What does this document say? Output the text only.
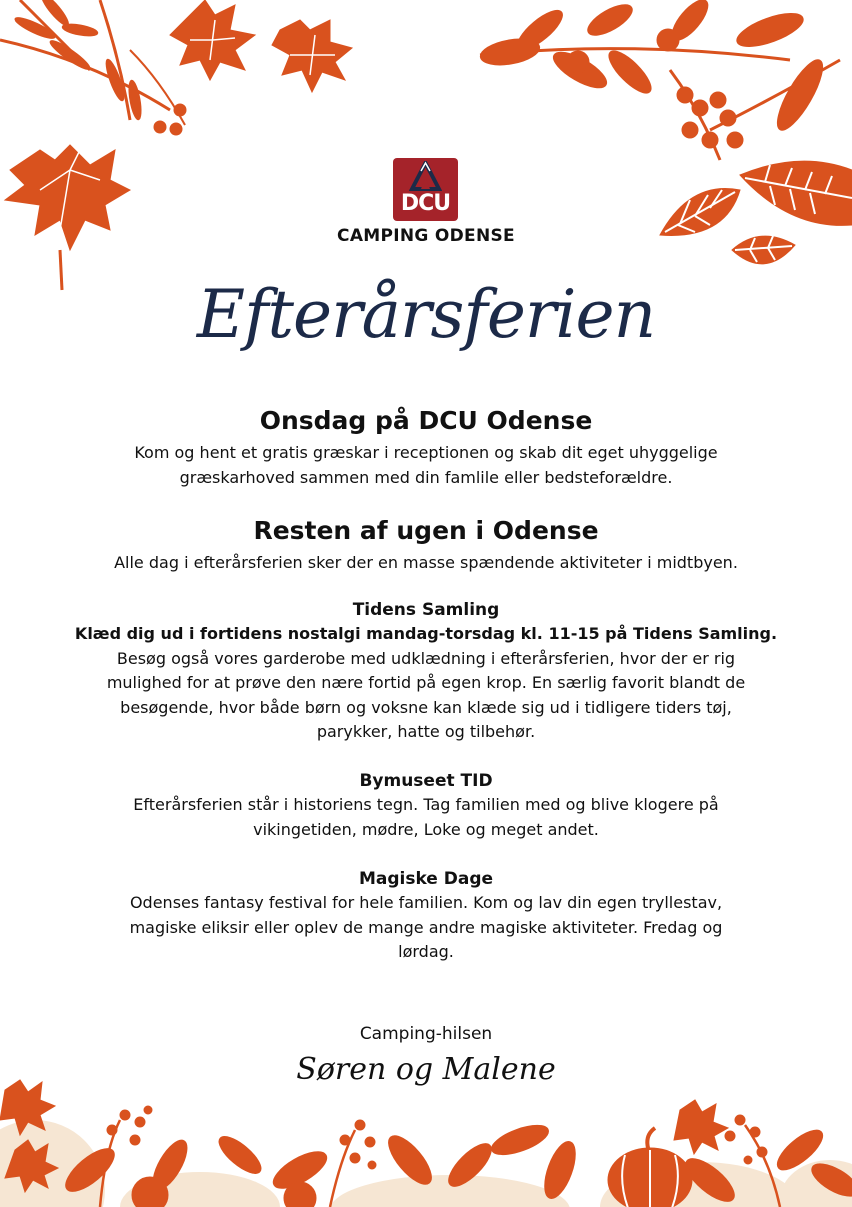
DCU
CAMPING ODENSE
Efterårsferien
Onsdag på DCU Odense
Kom og hent et gratis græskar i receptionen og skab dit eget uhyggelige
græskarhoved sammen med din famlile eller bedsteforældre.
Resten af ugen i Odense
Alle dag i efterårsferien sker der en masse spændende aktiviteter i midtbyen.
Tidens Samling
Klæd dig ud i fortidens nostalgi mandag-torsdag kl. 11-15 på Tidens Samling.
Besøg også vores garderobe med udklædning i efterårsferien, hvor der er rig
mulighed for at prøve den nære fortid på egen krop. En særlig favorit blandt de
besøgende, hvor både børn og voksne kan klæde sig ud i tidligere tiders tøj,
parykker, hatte og tilbehør.
Bymuseet TID
Efterårsferien står i historiens tegn. Tag familien med og blive klogere på
vikingetiden, mødre, Loke og meget andet.
Magiske Dage
Odenses fantasy festival for hele familien. Kom og lav din egen tryllestav,
magiske eliksir eller oplev de mange andre magiske aktiviteter. Fredag og
lørdag.
Camping-hilsen
Søren og Malene
